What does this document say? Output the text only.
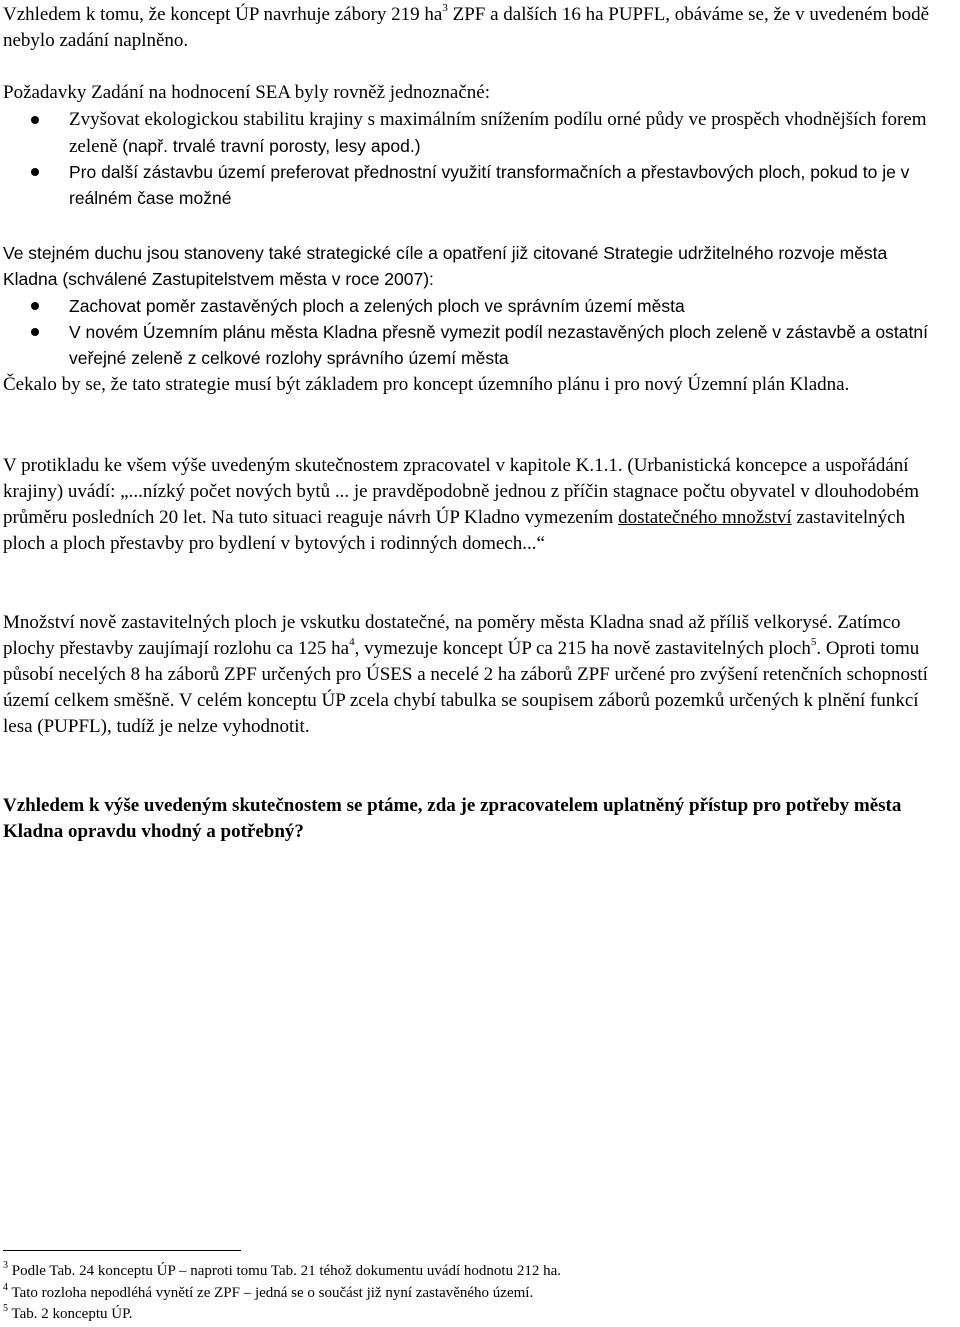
Vzhledem k tomu, že koncept ÚP navrhuje zábory 219 $ha^3$ ZPF a dalších 16 ha PUPFL, obáváme se, že v uvedeném bodě nebylo zadání naplněno.

Požadavky Zadání na hodnocení SEA byly rovněž jednoznačné:

Zvyšovat ekologickou stabilitu krajiny s maximálním snížením podílu orné půdy ve prospěch vhodnějších forem zeleně (např. trvalé travní porosty, lesy apod.)
Pro další zástavbu území preferovat přednostní využití transformačních a přestavbových ploch, pokud to je v reálném čase možné

Ve stejném duchu jsou stanoveny také strategické cíle a opatření již citované Strategie udržitelného rozvoje města Kladna (schválené Zastupitelstvem města v roce 2007):

Zachovat poměr zastavěných ploch a zelených ploch ve správním území města
V novém Územním plánu města Kladna přesně vymezit podíl nezastavěných ploch zeleně v zástavbě a ostatní veřejné zeleně z celkové rozlohy správního území města

Čekalo by se, že tato strategie musí být základem pro koncept územního plánu i pro nový Územní plán Kladna.

V protikladu ke všem výše uvedeným skutečnostem zpracovatel v kapitole K.1.1. (Urbanistická koncepce a uspořádání krajiny) uvádí: „...nízký počet nových bytů ... je pravděpodobně jednou z příčin stagnace počtu obyvatel v dlouhodobém průměru posledních 20 let. Na tuto situaci reaguje návrh ÚP Kladno vymezením dostatečného množství zastavitelných ploch a ploch přestavby pro bydlení v bytových i rodinných domech...“

Množství nově zastavitelných ploch je vskutku dostatečné, na poměry města Kladna snad až příliš velkorysé. Zatímco plochy přestavby zaujímají rozlohu ca 125 $ha^4$, vymezuje koncept ÚP ca 215 ha nově zastavitelných ploch$^5$. Oproti tomu působí necelých 8 ha záborů ZPF určených pro ÚSES a necelé 2 ha záborů ZPF určené pro zvýšení retenčních schopností území celkem směšně. V celém konceptu ÚP zcela chybí tabulka se soupisem záborů pozemků určených k plnění funkcí lesa (PUPFL), tudíž je nelze vyhodnotit.

Vzhledem k výše uvedeným skutečnostem se ptáme, zda je zpracovatelem uplatněný přístup pro potřeby města Kladna opravdu vhodný a potřebný?

$^3$ Podle Tab. 24 konceptu ÚP – naproti tomu Tab. 21 téhož dokumentu uvádí hodnotu 212 ha.

$^4$ Tato rozloha nepodléhá vynětí ze ZPF – jedná se o součást již nyní zastavěného území.

$^5$ Tab. 2 konceptu ÚP.
